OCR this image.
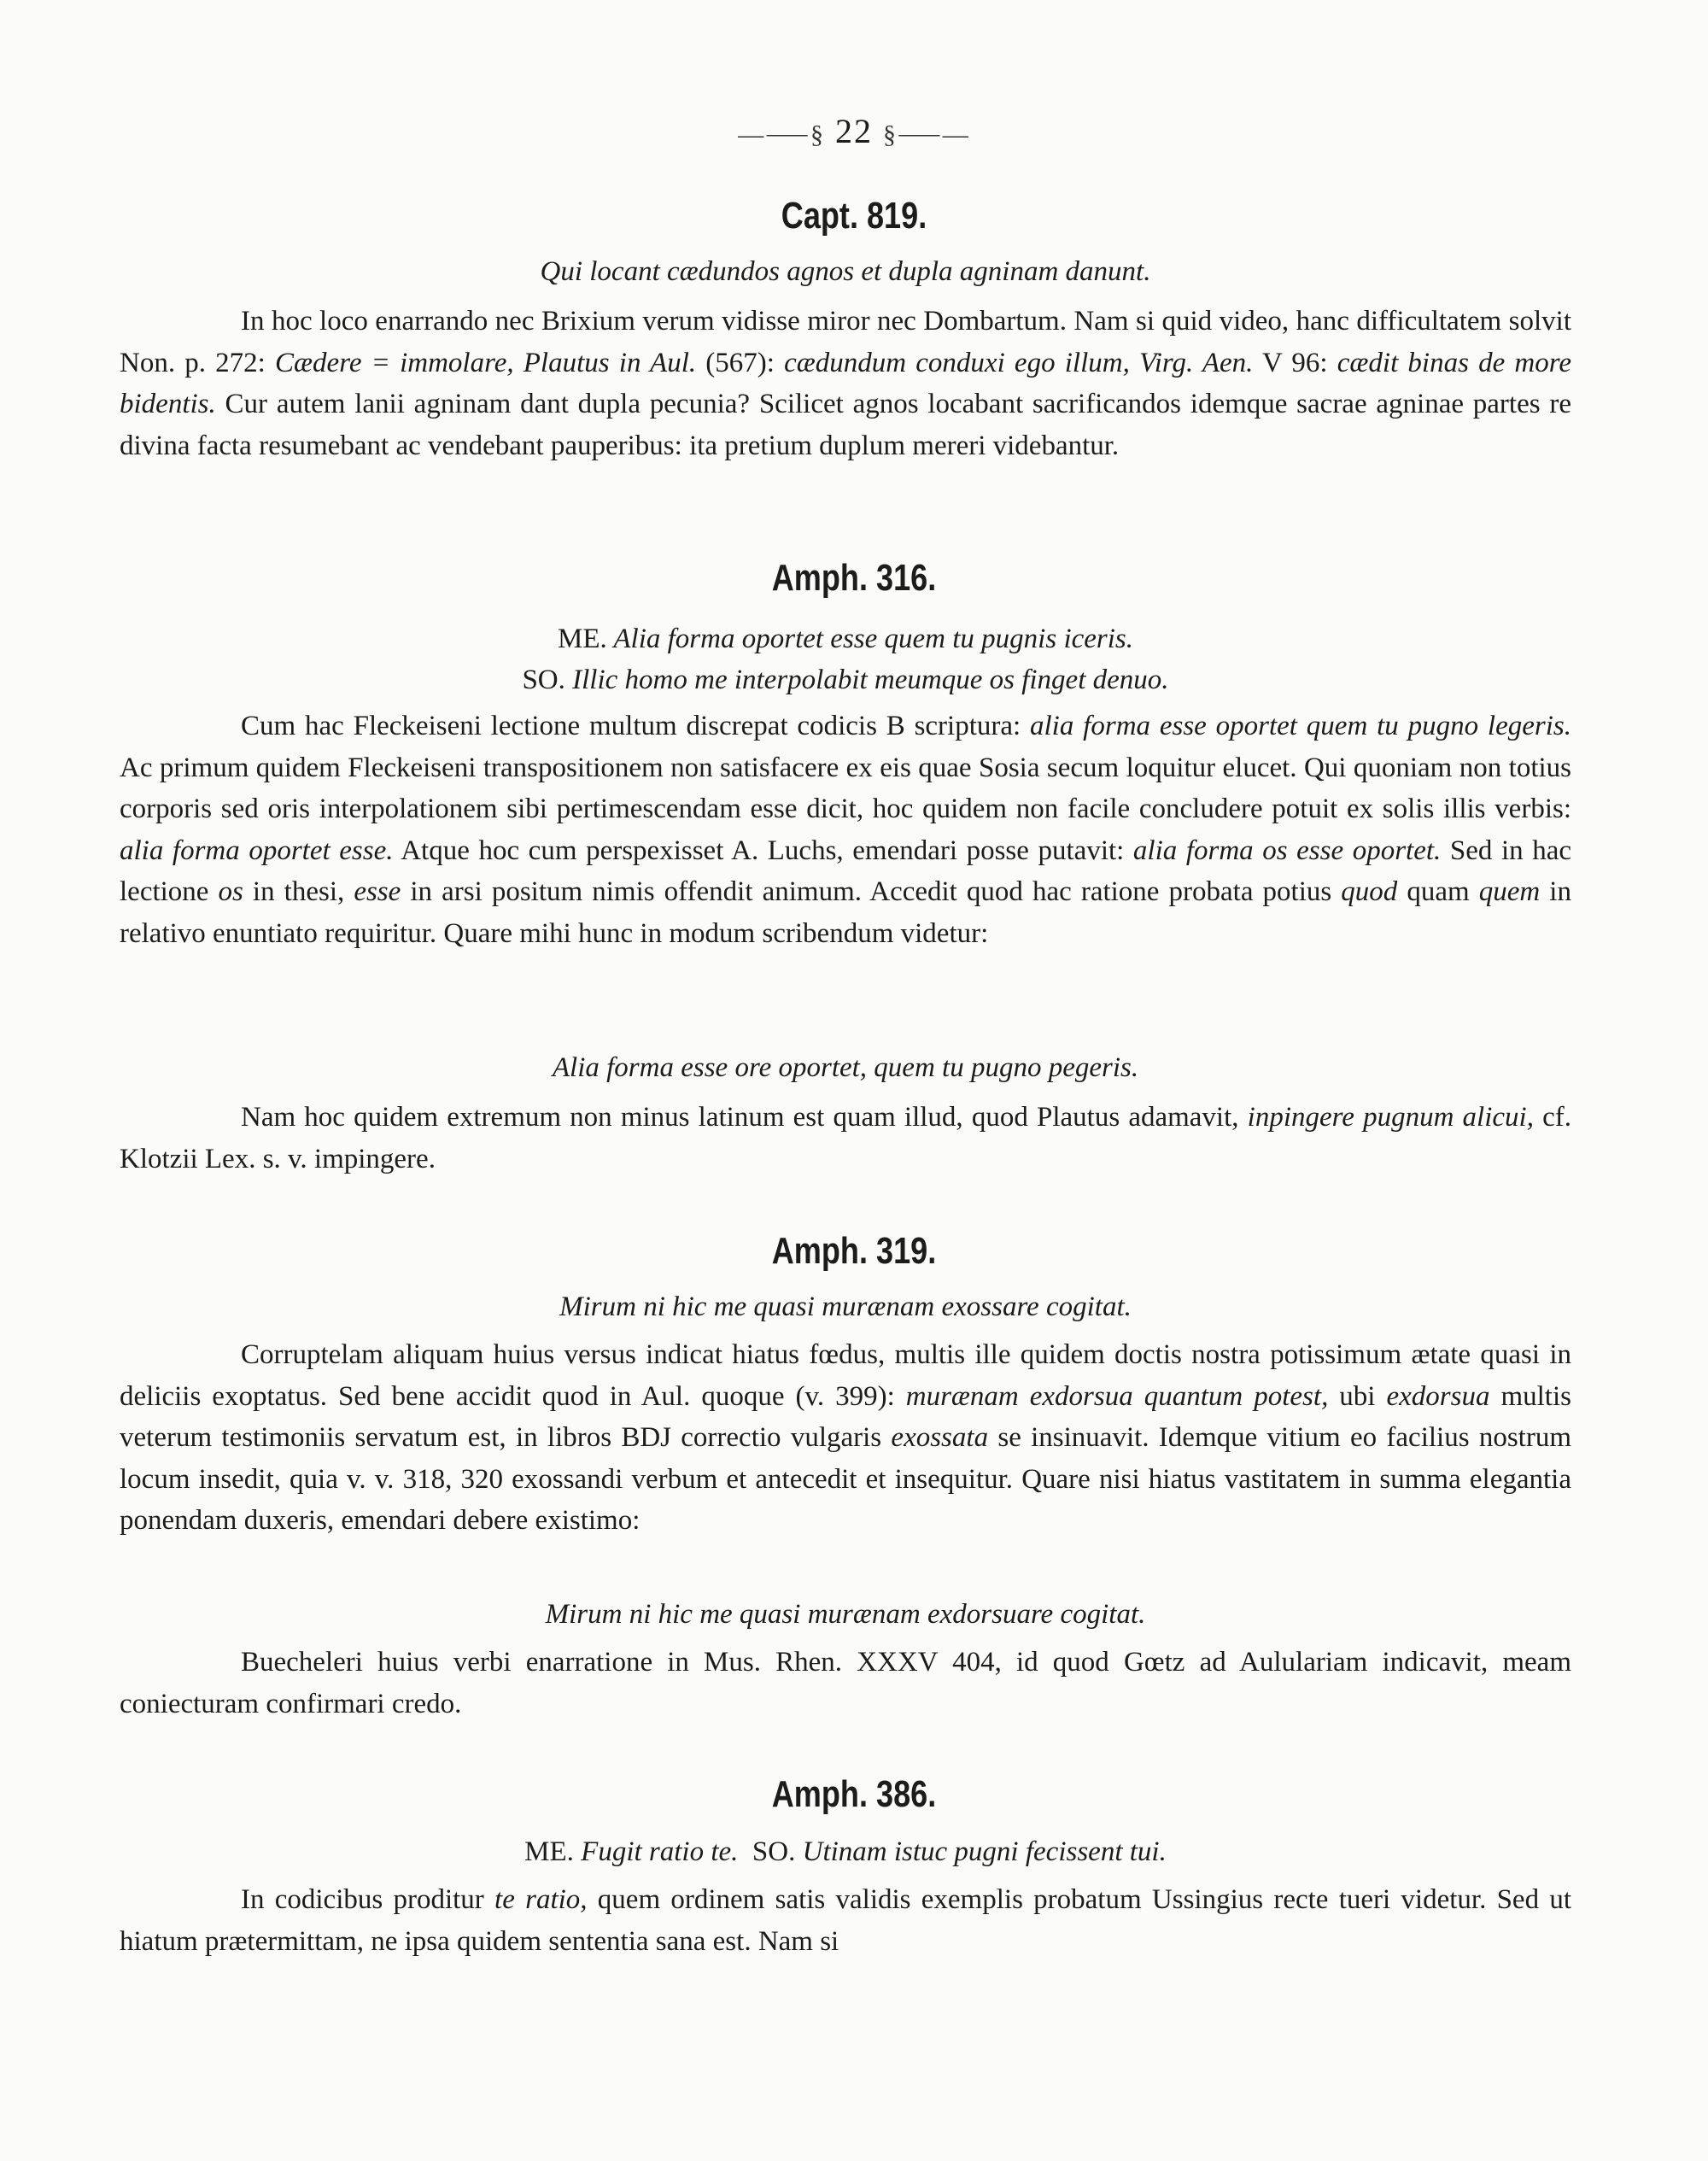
—⸺§ 22 §⸺—
Capt. 819.
Qui locant cædundos agnos et dupla agninam danunt.
In hoc loco enarrando nec Brixium verum vidisse miror nec Dombartum. Nam si quid video, hanc difficultatem solvit Non. p. 272: Cædere = immolare, Plautus in Aul. (567): cædundum conduxi ego illum, Virg. Aen. V 96: cædit binas de more bidentis. Cur autem lanii agninam dant dupla pecunia? Scilicet agnos locabant sacrificandos idemque sacrae agninae partes re divina facta resumebant ac vendebant pauperibus: ita pretium duplum mereri videbantur.
Amph. 316.
ME. Alia forma oportet esse quem tu pugnis iceris.
SO. Illic homo me interpolabit meumque os finget denuo.
Cum hac Fleckeiseni lectione multum discrepat codicis B scriptura: alia forma esse oportet quem tu pugno legeris. Ac primum quidem Fleckeiseni transpositionem non satisfacere ex eis quae Sosia secum loquitur elucet. Qui quoniam non totius corporis sed oris interpolationem sibi pertimescendam esse dicit, hoc quidem non facile concludere potuit ex solis illis verbis: alia forma oportet esse. Atque hoc cum perspexisset A. Luchs, emendari posse putavit: alia forma os esse oportet. Sed in hac lectione os in thesi, esse in arsi positum nimis offendit animum. Accedit quod hac ratione probata potius quod quam quem in relativo enuntiato requiritur. Quare mihi hunc in modum scribendum videtur:
Alia forma esse ore oportet, quem tu pugno pegeris.
Nam hoc quidem extremum non minus latinum est quam illud, quod Plautus adamavit, inpingere pugnum alicui, cf. Klotzii Lex. s. v. impingere.
Amph. 319.
Mirum ni hic me quasi murænam exossare cogitat.
Corruptelam aliquam huius versus indicat hiatus fœdus, multis ille quidem doctis nostra potissimum ætate quasi in deliciis exoptatus. Sed bene accidit quod in Aul. quoque (v. 399): murænam exdorsua quantum potest, ubi exdorsua multis veterum testimoniis servatum est, in libros BDJ correctio vulgaris exossata se insinuavit. Idemque vitium eo facilius nostrum locum insedit, quia v. v. 318, 320 exossandi verbum et antecedit et insequitur. Quare nisi hiatus vastitatem in summa elegantia ponendam duxeris, emendari debere existimo:
Mirum ni hic me quasi murænam exdorsuare cogitat.
Buecheleri huius verbi enarratione in Mus. Rhen. XXXV 404, id quod Gœtz ad Aululariam indicavit, meam coniecturam confirmari credo.
Amph. 386.
ME. Fugit ratio te. SO. Utinam istuc pugni fecissent tui.
In codicibus proditur te ratio, quem ordinem satis validis exemplis probatum Ussingius recte tueri videtur. Sed ut hiatum prætermittam, ne ipsa quidem sententia sana est. Nam si
